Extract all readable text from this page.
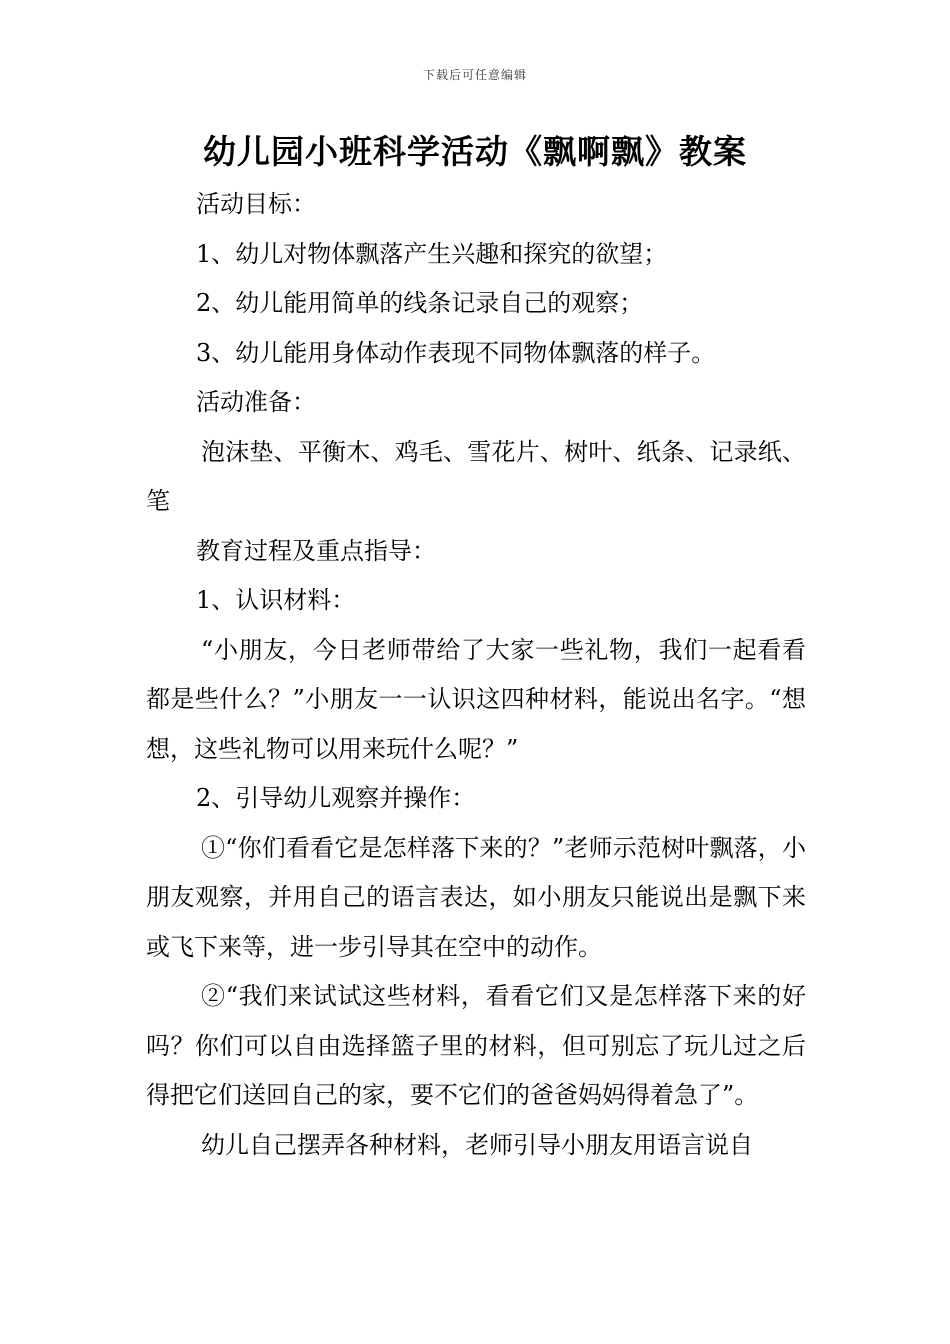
下载后可任意编辑
幼儿园小班科学活动《飘啊飘》教案

活动目标：

1、幼儿对物体飘落产生兴趣和探究的欲望；

2、幼儿能用简单的线条记录自己的观察；

3、幼儿能用身体动作表现不同物体飘落的样子。

活动准备：

泡沫垫、平衡木、鸡毛、雪花片、树叶、纸条、记录纸、笔

教育过程及重点指导：

1、认识材料：

“小朋友，今日老师带给了大家一些礼物，我们一起看看都是些什么？”小朋友一一认识这四种材料，能说出名字。“想想，这些礼物可以用来玩什么呢？”

2、引导幼儿观察并操作：

①“你们看看它是怎样落下来的？”老师示范树叶飘落，小朋友观察，并用自己的语言表达，如小朋友只能说出是飘下来或飞下来等，进一步引导其在空中的动作。

②“我们来试试这些材料，看看它们又是怎样落下来的好吗？你们可以自由选择篮子里的材料，但可别忘了玩儿过之后得把它们送回自己的家，要不它们的爸爸妈妈得着急了”。

幼儿自己摆弄各种材料，老师引导小朋友用语言说自
